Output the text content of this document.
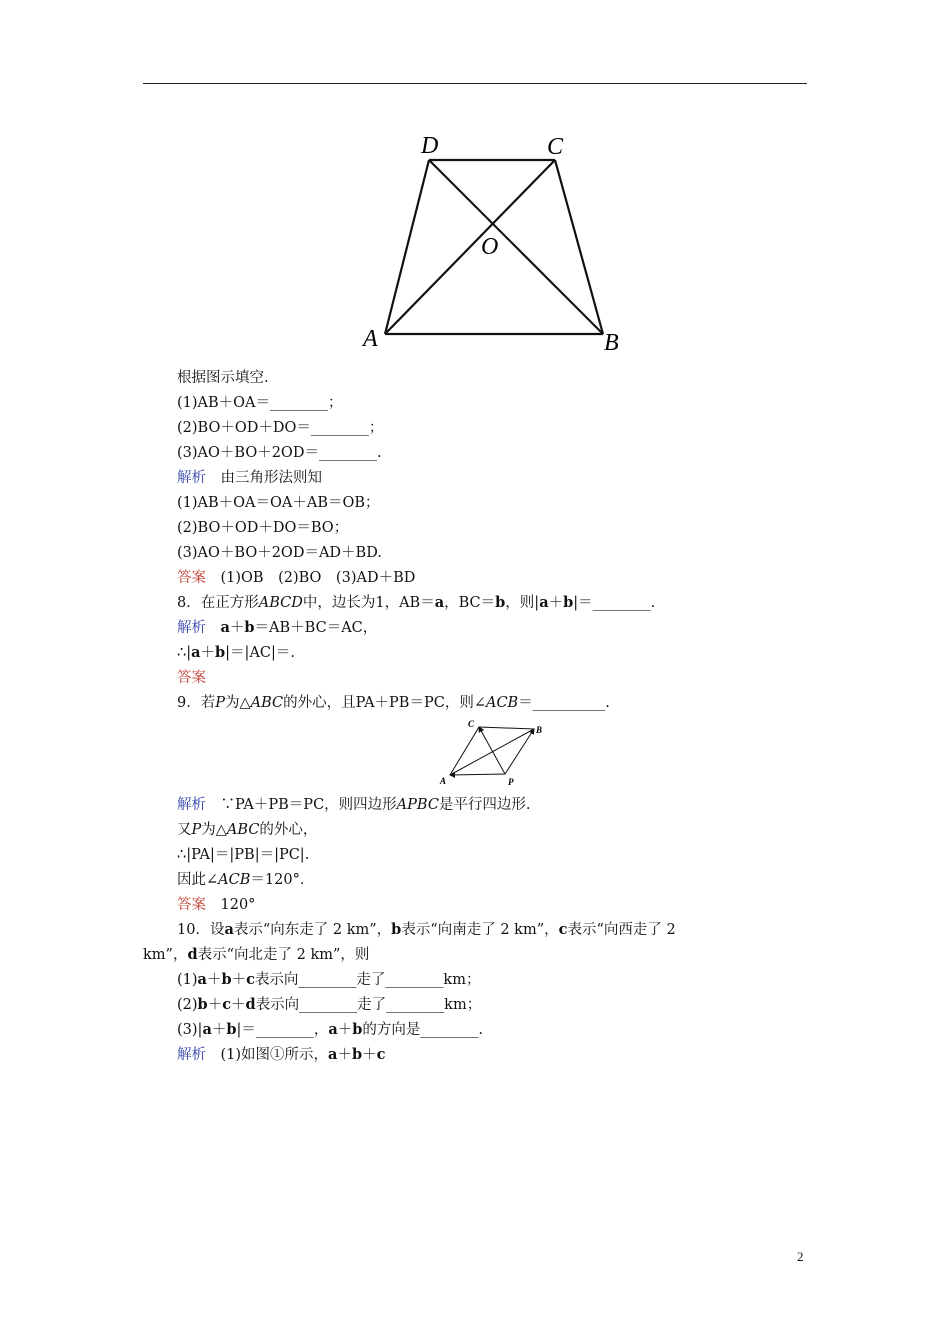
D	C
O
A	B
根据图示填空.
(1)AB＋OA＝________；
(2)BO＋OD＋DO＝________；
(3)AO＋BO＋2OD＝________.
解析　 由三角形法则知
(1)AB＋OA＝OA＋AB＝OB；
(2)BO＋OD＋DO＝BO；
(3)AO＋BO＋2OD＝AD＋BD.
答案　 (1)OB　(2)BO　(3)AD＋BD
8．在正方形ABCD中，边长为1，AB＝a，BC＝b，则|a＋b|＝________.
解析　 a＋b＝AB＋BC＝AC，
∴|a＋b|＝|AC|＝.
答案
9．若P为△ABC的外心，且PA＋PB＝PC，则∠ACB＝__________.
C
B
A	P
解析　 ∵PA＋PB＝PC，则四边形APBC是平行四边形.
又P为△ABC的外心，
∴|PA|＝|PB|＝|PC|.
因此∠ACB＝120°．
答案　 120°
10．设a表示“向东走了 2 km”，b表示“向南走了 2 km”，c表示“向西走了 2
km”，d表示“向北走了 2 km”，则
(1)a＋b＋c表示向________走了________km；
(2)b＋c＋d表示向________走了________km；
(3)|a＋b|＝________，a＋b的方向是________.
解析　 (1)如图①所示，a＋b＋c
2
